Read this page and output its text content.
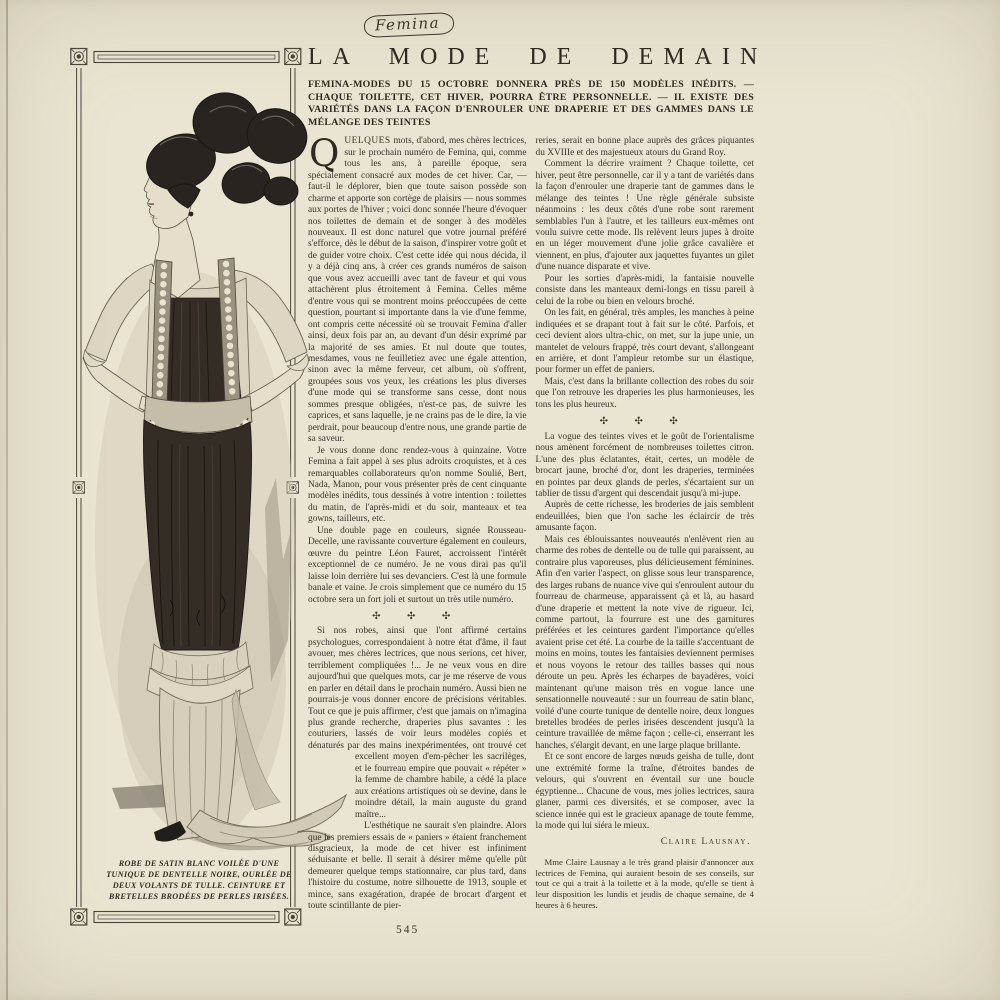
Femina
ROBE DE SATIN BLANC VOILÉE D'UNE TUNIQUE DE DENTELLE NOIRE, OURLÉE DE DEUX VOLANTS DE TULLE. CEINTURE ET BRETELLES BRODÉES DE PERLES IRISÉES.
LA MODE DE DEMAIN
FEMINA-MODES DU 15 OCTOBRE DONNERA PRÈS DE 150 MODÈLES INÉDITS. — CHAQUE TOILETTE, CET HIVER, POURRA ÊTRE PERSONNELLE. — IL EXISTE DES VARIÉTÉS DANS LA FAÇON D'ENROULER UNE DRAPERIE ET DES GAMMES DANS LE MÉLANGE DES TEINTES

QUELQUES mots, d'abord, mes chères lectrices, sur le prochain numéro de Femina, qui, comme tous les ans, à pareille époque, sera spécialement consacré aux modes de cet hiver. Car, — faut-il le déplorer, bien que toute saison possède son charme et apporte son cortège de plaisirs — nous sommes aux portes de l'hiver ; voici donc sonnée l'heure d'évoquer nos toilettes de demain et de songer à des modèles nouveaux. Il est donc naturel que votre journal préféré s'efforce, dès le début de la saison, d'inspirer votre goût et de guider votre choix. C'est cette idée qui nous décida, il y a déjà cinq ans, à créer ces grands numéros de saison que vous avez accueilli avec tant de faveur et qui vous attachèrent plus étroitement à Femina. Celles même d'entre vous qui se montrent moins préoccupées de cette question, pourtant si importante dans la vie d'une femme, ont compris cette nécessité où se trouvait Femina d'aller ainsi, deux fois par an, au devant d'un désir exprimé par la majorité de ses amies. Et nul doute que toutes, mesdames, vous ne feuilletiez avec une égale attention, sinon avec la même ferveur, cet album, où s'offrent, groupées sous vos yeux, les créations les plus diverses d'une mode qui se transforme sans cesse, dont nous sommes presque obligées, n'est-ce pas, de suivre les caprices, et sans laquelle, je ne crains pas de le dire, la vie perdrait, pour beaucoup d'entre nous, une grande partie de sa saveur.

Je vous donne donc rendez-vous à quinzaine. Votre Femina a fait appel à ses plus adroits croquistes, et à ces remarquables collaborateurs qu'on nomme Soulié, Bert, Nada, Manon, pour vous présenter près de cent cinquante modèles inédits, tous dessinés à votre intention : toilettes du matin, de l'après-midi et du soir, manteaux et tea gowns, tailleurs, etc.

Une double page en couleurs, signée Rousseau-Decelle, une ravissante couverture également en couleurs, œuvre du peintre Léon Fauret, accroissent l'intérêt exceptionnel de ce numéro. Je ne vous dirai pas qu'il laisse loin derrière lui ses devanciers. C'est là une formule banale et vaine. Je crois simplement que ce numéro du 15 octobre sera un fort joli et surtout un très utile numéro.

✣ ✣ ✣

Si nos robes, ainsi que l'ont affirmé certains psychologues, correspondaient à notre état d'âme, il faut avouer, mes chères lectrices, que nous serions, cet hiver, terriblement compliquées !... Je ne veux vous en dire aujourd'hui que quelques mots, car je me réserve de vous en parler en détail dans le prochain numéro. Aussi bien ne pourrais-je vous donner encore de précisions véritables. Tout ce que je puis affirmer, c'est que jamais on n'imagina plus grande recherche, draperies plus savantes : les couturiers, lassés de voir leurs modèles copiés et dénaturés par des mains inexpérimentées, ont trouvé cet excellent moyen d'em-
pêcher les sacrilèges, et le fourreau empire que pouvait « répéter » la femme de chambre habile, a cédé la place aux créations artistiques où se devine, dans le moindre détail, la main auguste du grand maître...

L'esthétique ne saurait s'en plaindre. Alors que les premiers essais de « paniers » étaient franchement disgracieux, la mode de cet hiver est infiniment séduisante et belle. Il serait à désirer même qu'elle pût demeurer quelque temps stationnaire, car plus tard, dans l'histoire du costume, notre silhouette de 1913, souple et mince, sans exagération, drapée de brocart d'argent et toute scintillante de pier-

reries, serait en bonne place auprès des grâces piquantes du XVIIIe et des majestueux atours du Grand Roy.

Comment la décrire vraiment ? Chaque toilette, cet hiver, peut être personnelle, car il y a tant de variétés dans la façon d'enrouler une draperie tant de gammes dans le mélange des teintes ! Une règle générale subsiste néanmoins : les deux côtés d'une robe sont rarement semblables l'un à l'autre, et les tailleurs eux-mêmes ont voulu suivre cette mode. Ils relèvent leurs jupes à droite en un léger mouvement d'une jolie grâce cavalière et viennent, en plus, d'ajouter aux jaquettes fuyantes un gilet d'une nuance disparate et vive.

Pour les sorties d'après-midi, la fantaisie nouvelle consiste dans les manteaux demi-longs en tissu pareil à celui de la robe ou bien en velours broché.

On les fait, en général, très amples, les manches à peine indiquées et se drapant tout à fait sur le côté. Parfois, et ceci devient alors ultra-chic, on met, sur la jupe unie, un mantelet de velours frappé, très court devant, s'allongeant en arrière, et dont l'ampleur retombe sur un élastique, pour former un effet de paniers.

Mais, c'est dans la brillante collection des robes du soir que l'on retrouve les draperies les plus harmonieuses, les tons les plus heureux.

✣ ✣ ✣

La vogue des teintes vives et le goût de l'orientalisme nous amènent forcément de nombreuses toilettes citron. L'une des plus éclatantes, était, certes, un modèle de brocart jaune, broché d'or, dont les draperies, terminées en pointes par deux glands de perles, s'écartaient sur un tablier de tissu d'argent qui descendait jusqu'à mi-jupe.

Auprès de cette richesse, les broderies de jais semblent endeuillées, bien que l'on sache les éclaircir de très amusante façon.

Mais ces éblouissantes nouveautés n'enlèvent rien au charme des robes de dentelle ou de tulle qui paraissent, au contraire plus vaporeuses, plus délicieusement féminines. Afin d'en varier l'aspect, on glisse sous leur transparence, des larges rubans de nuance vive qui s'enroulent autour du fourreau de charmeuse, apparaissent çà et là, au hasard d'une draperie et mettent la note vive de rigueur. Ici, comme partout, la fourrure est une des garnitures préférées et les ceintures gardent l'importance qu'elles avaient prise cet été. La courbe de la taille s'accentuant de moins en moins, toutes les fantaisies deviennent permises et nous voyons le retour des tailles basses qui nous déroute un peu. Après les écharpes de bayadères, voici maintenant qu'une maison très en vogue lance une sensationnelle nouveauté : sur un fourreau de satin blanc, voilé d'une courte tunique de dentelle noire, deux longues bretelles brodées de perles irisées descendent jusqu'à la ceinture travaillée de même façon ; celle-ci, enserrant les hanches, s'élargit devant, en une large plaque brillante.

Et ce sont encore de larges nœuds geisha de tulle, dont une extrémité forme la traîne, d'étroites bandes de velours, qui s'ouvrent en éventail sur une boucle égyptienne... Chacune de vous, mes jolies lectrices, saura glaner, parmi ces diversités, et se composer, avec la science innée qui est le gracieux apanage de toute femme, la mode qui lui siéra le mieux.

Claire Lausnay.

Mme Claire Lausnay a le très grand plaisir d'annoncer aux lectrices de Femina, qui auraient besoin de ses conseils, sur tout ce qui a trait à la toilette et à la mode, qu'elle se tient à leur disposition les lundis et jeudis de chaque semaine, de 4 heures à 6 heures.

545
